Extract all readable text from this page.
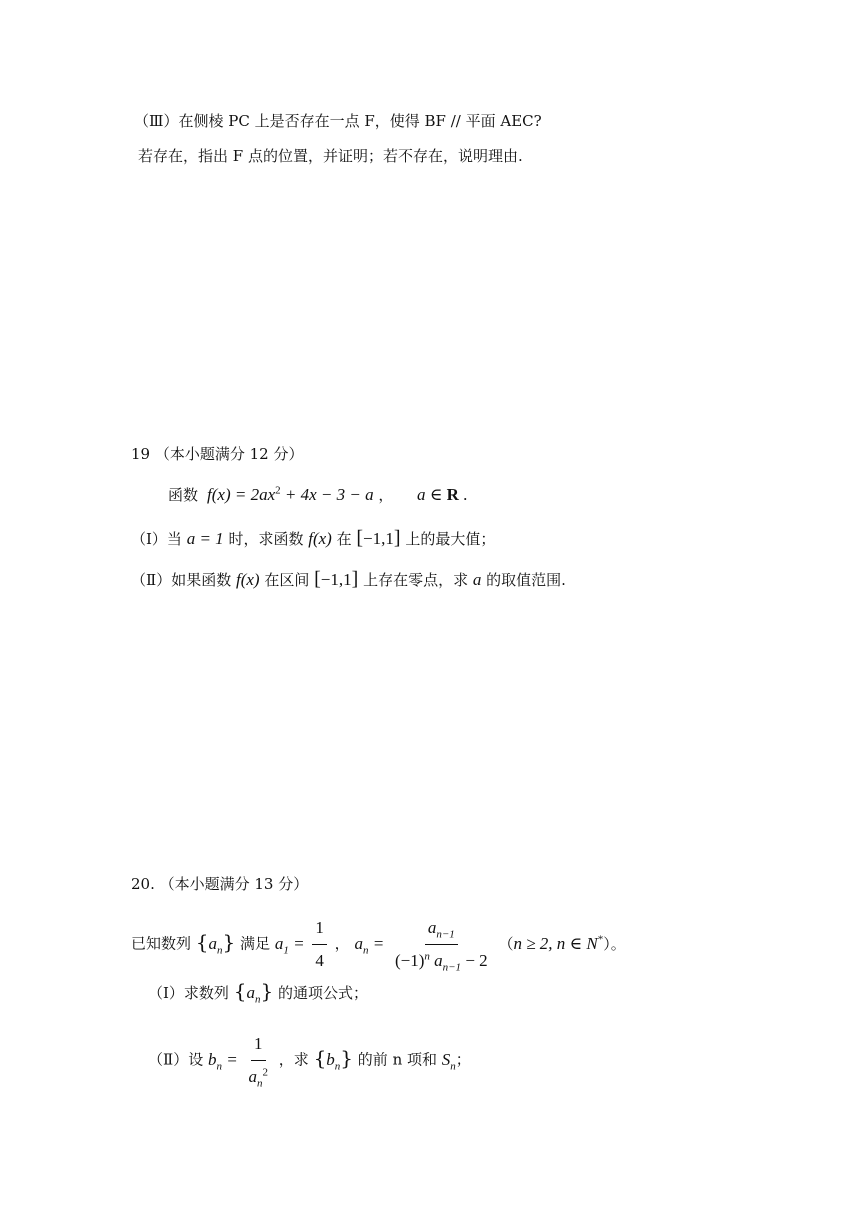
（Ⅲ）在侧棱 PC 上是否存在一点 F，使得 BF // 平面 AEC?
若存在，指出 F 点的位置，并证明；若不存在，说明理由.
19 （本小题满分 12 分）
函数  $f(x) = 2ax^2 + 4x - 3 - a$ ， a ∈ R .
（Ⅰ）当 a = 1 时，求函数 f(x) 在 [−1,1] 上的最大值；
（Ⅱ）如果函数 f(x) 在区间 [−1,1] 上存在零点，求 a 的取值范围.
20. （本小题满分 13 分）
已知数列 $\{a_n\}$ 满足 $a_1 = \frac{1}{4}$ ， $a_n = \frac{a_{n-1}}{(-1)^n a_{n-1} - 2} (n \ge 2$, n ∈ N*）。
（Ⅰ）求数列 $\{a_n\}$ 的通项公式；
（Ⅱ）设 $b_n = \frac{1}{a_n^2}$ ，求 $\{b_n\}$ 的前 n 项和 $S_n$；
